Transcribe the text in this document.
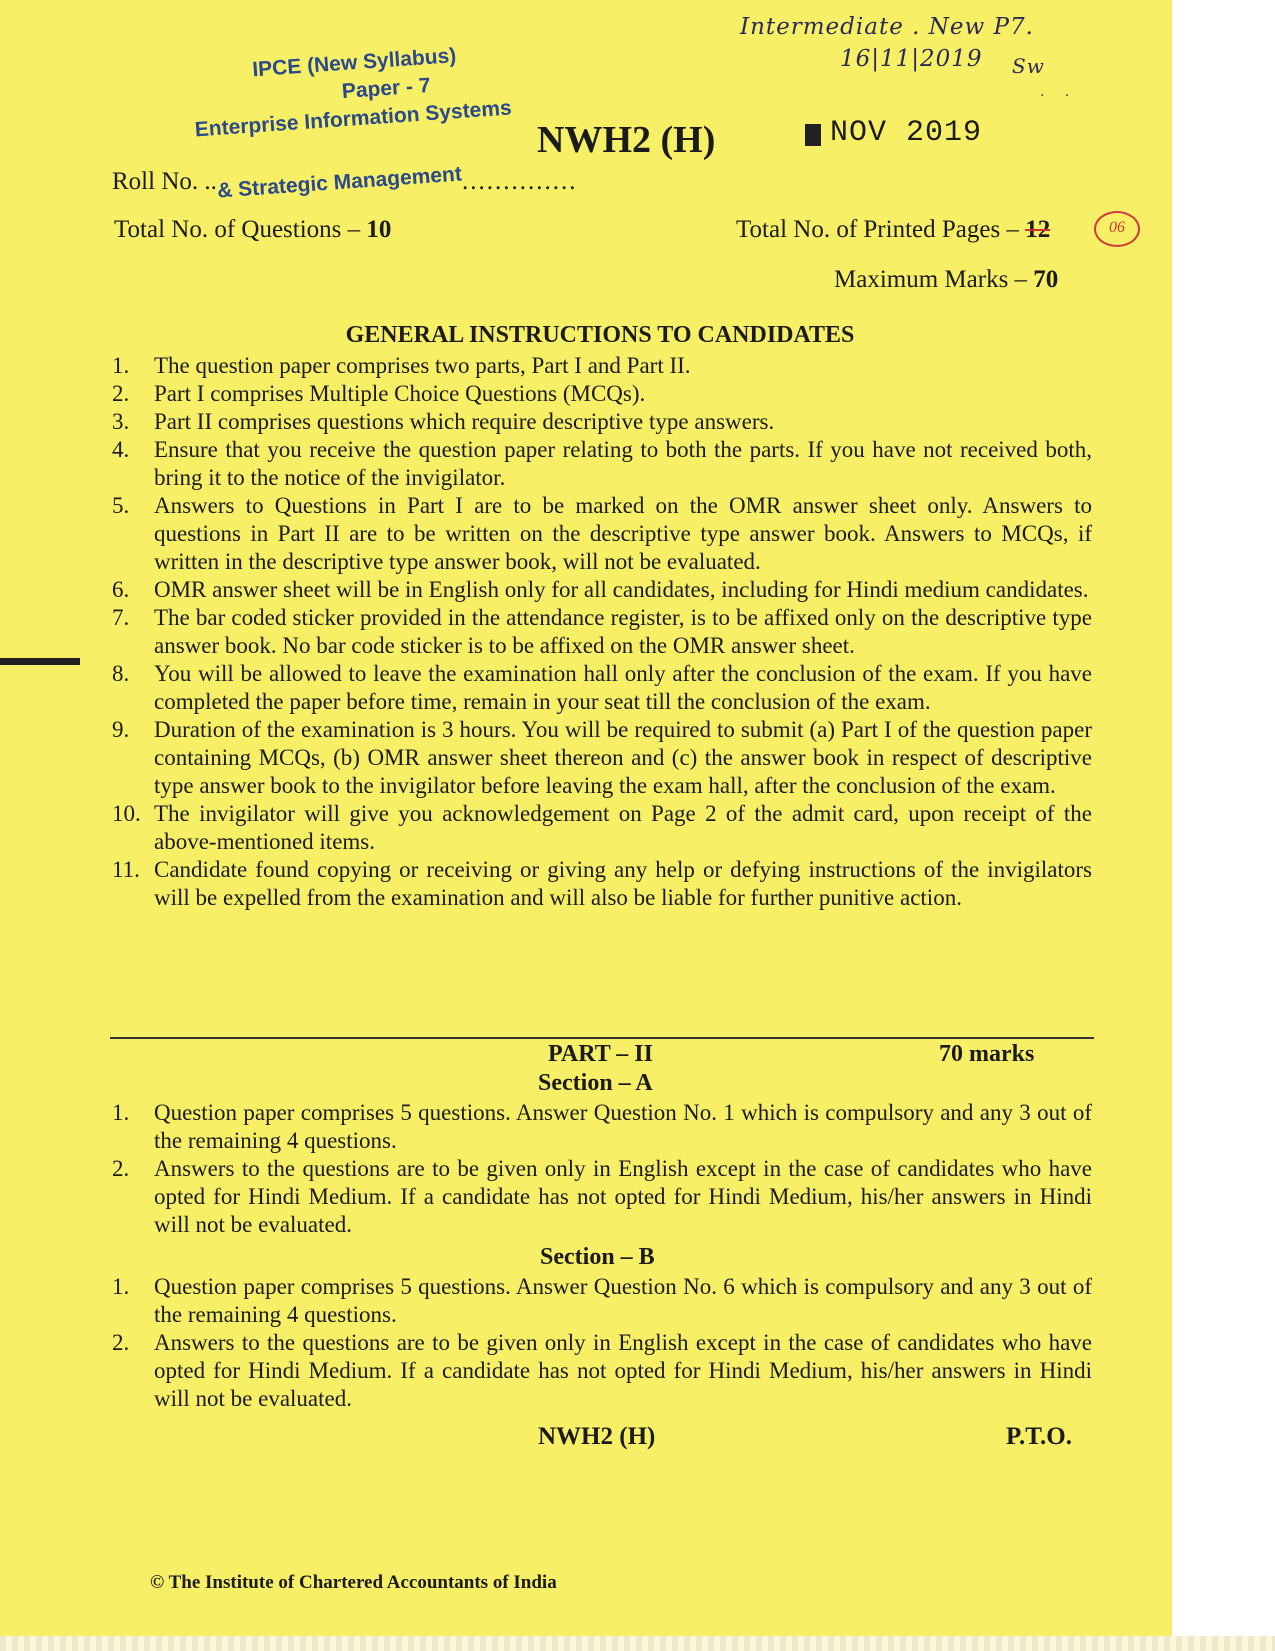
Intermediate . New P7.
16|11|2019 Sw
· ·
IPCE (New Syllabus)
Paper - 7
Enterprise Information Systems NWH2 (H)	NOV 2019
Roll No. ..& Strategic Management..............
Total No. of Questions – 10	Total No. of Printed Pages – 12	06
Maximum Marks – 70
GENERAL INSTRUCTIONS TO CANDIDATES
1.	The question paper comprises two parts, Part I and Part II.
2.	Part I comprises Multiple Choice Questions (MCQs).
3.	Part II comprises questions which require descriptive type answers.
4.	Ensure that you receive the question paper relating to both the parts. If you have not received both, bring it to the notice of the invigilator.
5.	Answers to Questions in Part I are to be marked on the OMR answer sheet only. Answers to questions in Part II are to be written on the descriptive type answer book. Answers to MCQs, if written in the descriptive type answer book, will not be evaluated.
6.	OMR answer sheet will be in English only for all candidates, including for Hindi medium candidates.
7.	The bar coded sticker provided in the attendance register, is to be affixed only on the descriptive type answer book. No bar code sticker is to be affixed on the OMR answer sheet.
8.	You will be allowed to leave the examination hall only after the conclusion of the exam. If you have completed the paper before time, remain in your seat till the conclusion of the exam.
9.	Duration of the examination is 3 hours. You will be required to submit (a) Part I of the question paper containing MCQs, (b) OMR answer sheet thereon and (c) the answer book in respect of descriptive type answer book to the invigilator before leaving the exam hall, after the conclusion of the exam.
10. The invigilator will give you acknowledgement on Page 2 of the admit card, upon receipt of the above-mentioned items.
11. Candidate found copying or receiving or giving any help or defying instructions of the invigilators will be expelled from the examination and will also be liable for further punitive action.
PART – II	70 marks
Section – A
1. Question paper comprises 5 questions. Answer Question No. 1 which is compulsory and any 3 out of the remaining 4 questions.
2. Answers to the questions are to be given only in English except in the case of candidates who have opted for Hindi Medium. If a candidate has not opted for Hindi Medium, his/her answers in Hindi will not be evaluated.
Section – B
1. Question paper comprises 5 questions. Answer Question No. 6 which is compulsory and any 3 out of the remaining 4 questions.
2. Answers to the questions are to be given only in English except in the case of candidates who have opted for Hindi Medium. If a candidate has not opted for Hindi Medium, his/her answers in Hindi will not be evaluated.
NWH2 (H)	P.T.O.
© The Institute of Chartered Accountants of India
